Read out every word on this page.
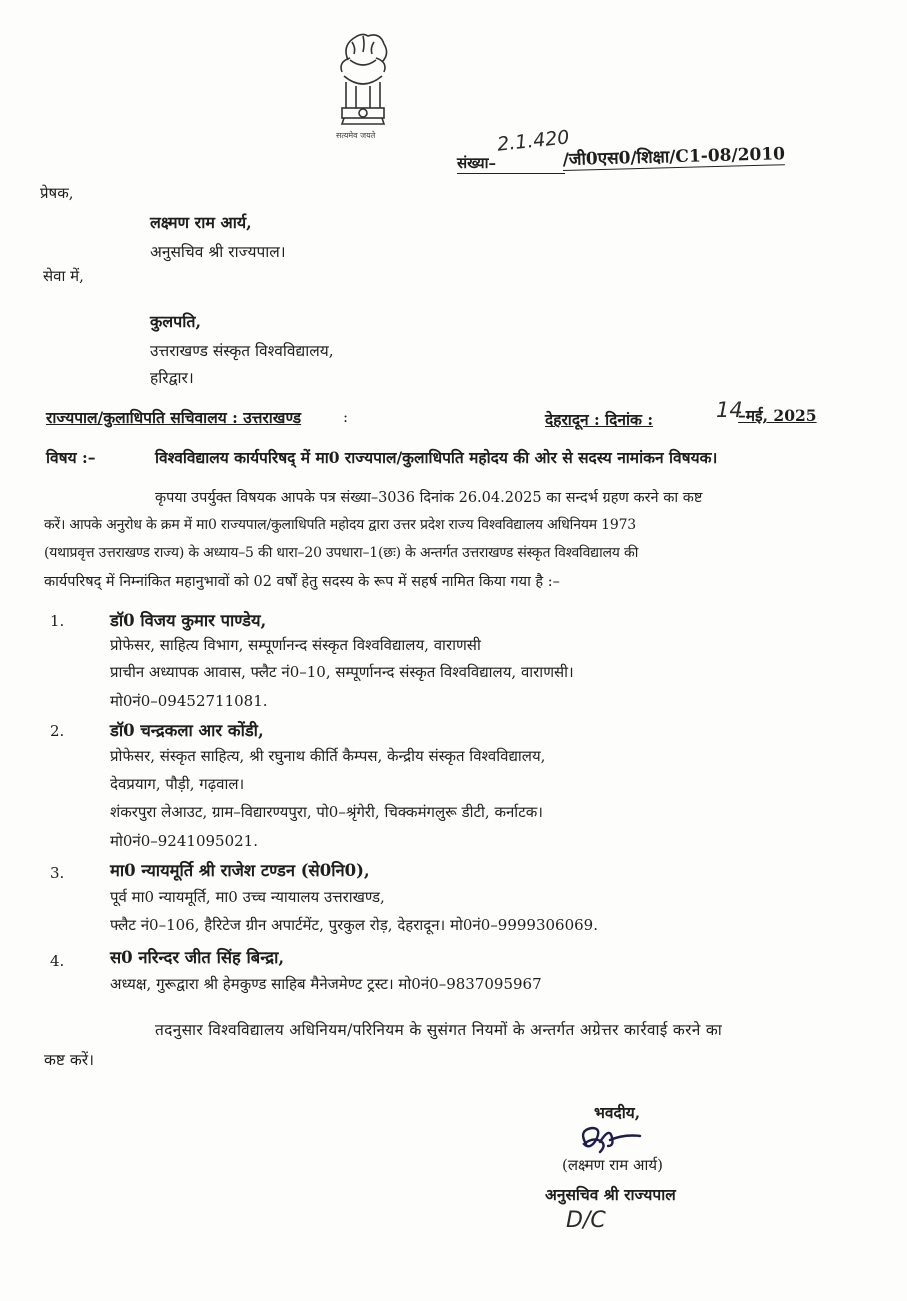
सत्यमेव जयते	2.1.420
संख्या–	/जी0एस0/शिक्षा/C1-08/2010
प्रेषक,
लक्ष्मण राम आर्य,
अनुसचिव श्री राज्यपाल।
सेवा में,
कुलपति,
उत्तराखण्ड संस्कृत विश्वविद्यालय,
हरिद्वार।
राज्यपाल/कुलाधिपति सचिवालय : उत्तराखण्ड	:	देहरादून : दिनांक :	14
–मई, 2025
विषय :–	विश्वविद्यालय कार्यपरिषद् में मा0 राज्यपाल/कुलाधिपति महोदय की ओर से सदस्य नामांकन विषयक।
कृपया उपर्युक्त विषयक आपके पत्र संख्या–3036 दिनांक 26.04.2025 का सन्दर्भ ग्रहण करने का कष्ट
करें। आपके अनुरोध के क्रम में मा0 राज्यपाल/कुलाधिपति महोदय द्वारा उत्तर प्रदेश राज्य विश्वविद्यालय अधिनियम 1973
(यथाप्रवृत्त उत्तराखण्ड राज्य) के अध्याय–5 की धारा–20 उपधारा–1(छः) के अन्तर्गत उत्तराखण्ड संस्कृत विश्वविद्यालय की
कार्यपरिषद् में निम्नांकित महानुभावों को 02 वर्षों हेतु सदस्य के रूप में सहर्ष नामित किया गया है :–
1.	डॉ0 विजय कुमार पाण्डेय,
प्रोफेसर, साहित्य विभाग, सम्पूर्णानन्द संस्कृत विश्वविद्यालय, वाराणसी
प्राचीन अध्यापक आवास, फ्लैट नं0–10, सम्पूर्णानन्द संस्कृत विश्वविद्यालय, वाराणसी।
मो0नं0–09452711081.
2.	डॉ0 चन्द्रकला आर कोंडी,
प्रोफेसर, संस्कृत साहित्य, श्री रघुनाथ कीर्ति कैम्पस, केन्द्रीय संस्कृत विश्वविद्यालय,
देवप्रयाग, पौड़ी, गढ़वाल।
शंकरपुरा लेआउट, ग्राम–विद्यारण्यपुरा, पो0–श्रृंगेरी, चिक्कमंगलुरू डीटी, कर्नाटक।
मो0नं0–9241095021.
3.	मा0 न्यायमूर्ति श्री राजेश टण्डन (से0नि0),
पूर्व मा0 न्यायमूर्ति, मा0 उच्च न्यायालय उत्तराखण्ड,
फ्लैट नं0–106, हैरिटेज ग्रीन अपार्टमेंट, पुरकुल रोड़, देहरादून। मो0नं0–9999306069.
4.	स0 नरिन्दर जीत सिंह बिन्द्रा,
अध्यक्ष, गुरूद्वारा श्री हेमकुण्ड साहिब मैनेजमेण्ट ट्रस्ट। मो0नं0–9837095967
तदनुसार विश्वविद्यालय अधिनियम/परिनियम के सुसंगत नियमों के अन्तर्गत अग्रेत्तर कार्रवाई करने का
कष्ट करें।
भवदीय,
(लक्ष्मण राम आर्य)
अनुसचिव श्री राज्यपाल
D/C
